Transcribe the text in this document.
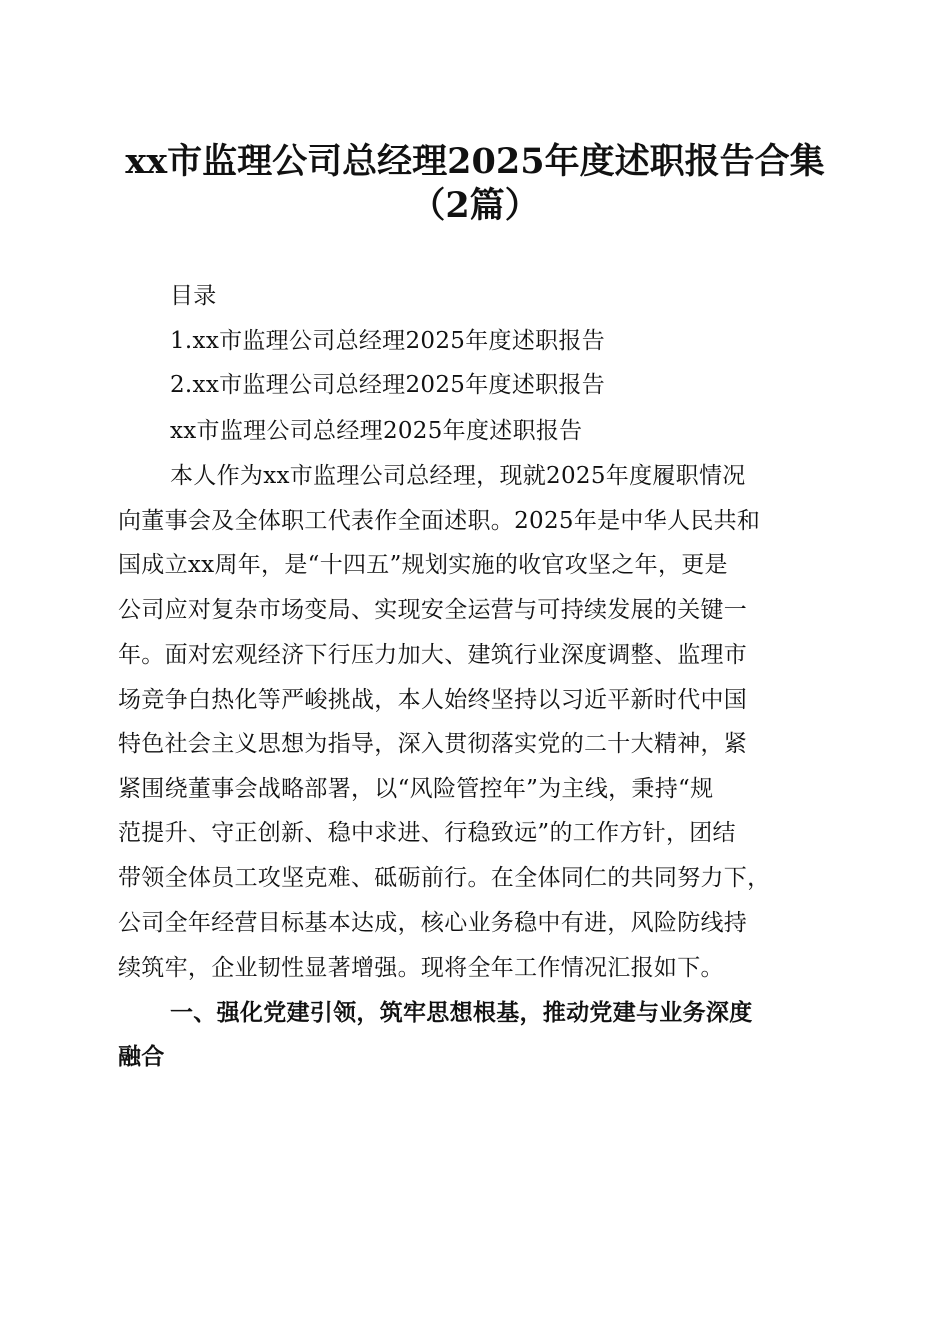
xx市监理公司总经理2025年度述职报告合集
（2篇）
目录
1.xx市监理公司总经理2025年度述职报告
2.xx市监理公司总经理2025年度述职报告
xx市监理公司总经理2025年度述职报告
本人作为xx市监理公司总经理，现就2025年度履职情况
向董事会及全体职工代表作全面述职。2025年是中华人民共和
国成立xx周年，是“十四五”规划实施的收官攻坚之年，更是
公司应对复杂市场变局、实现安全运营与可持续发展的关键一
年。面对宏观经济下行压力加大、建筑行业深度调整、监理市
场竞争白热化等严峻挑战，本人始终坚持以习近平新时代中国
特色社会主义思想为指导，深入贯彻落实党的二十大精神，紧
紧围绕董事会战略部署，以“风险管控年”为主线，秉持“规
范提升、守正创新、稳中求进、行稳致远”的工作方针，团结
带领全体员工攻坚克难、砥砺前行。在全体同仁的共同努力下，
公司全年经营目标基本达成，核心业务稳中有进，风险防线持
续筑牢，企业韧性显著增强。现将全年工作情况汇报如下。
一、强化党建引领，筑牢思想根基，推动党建与业务深度
融合
